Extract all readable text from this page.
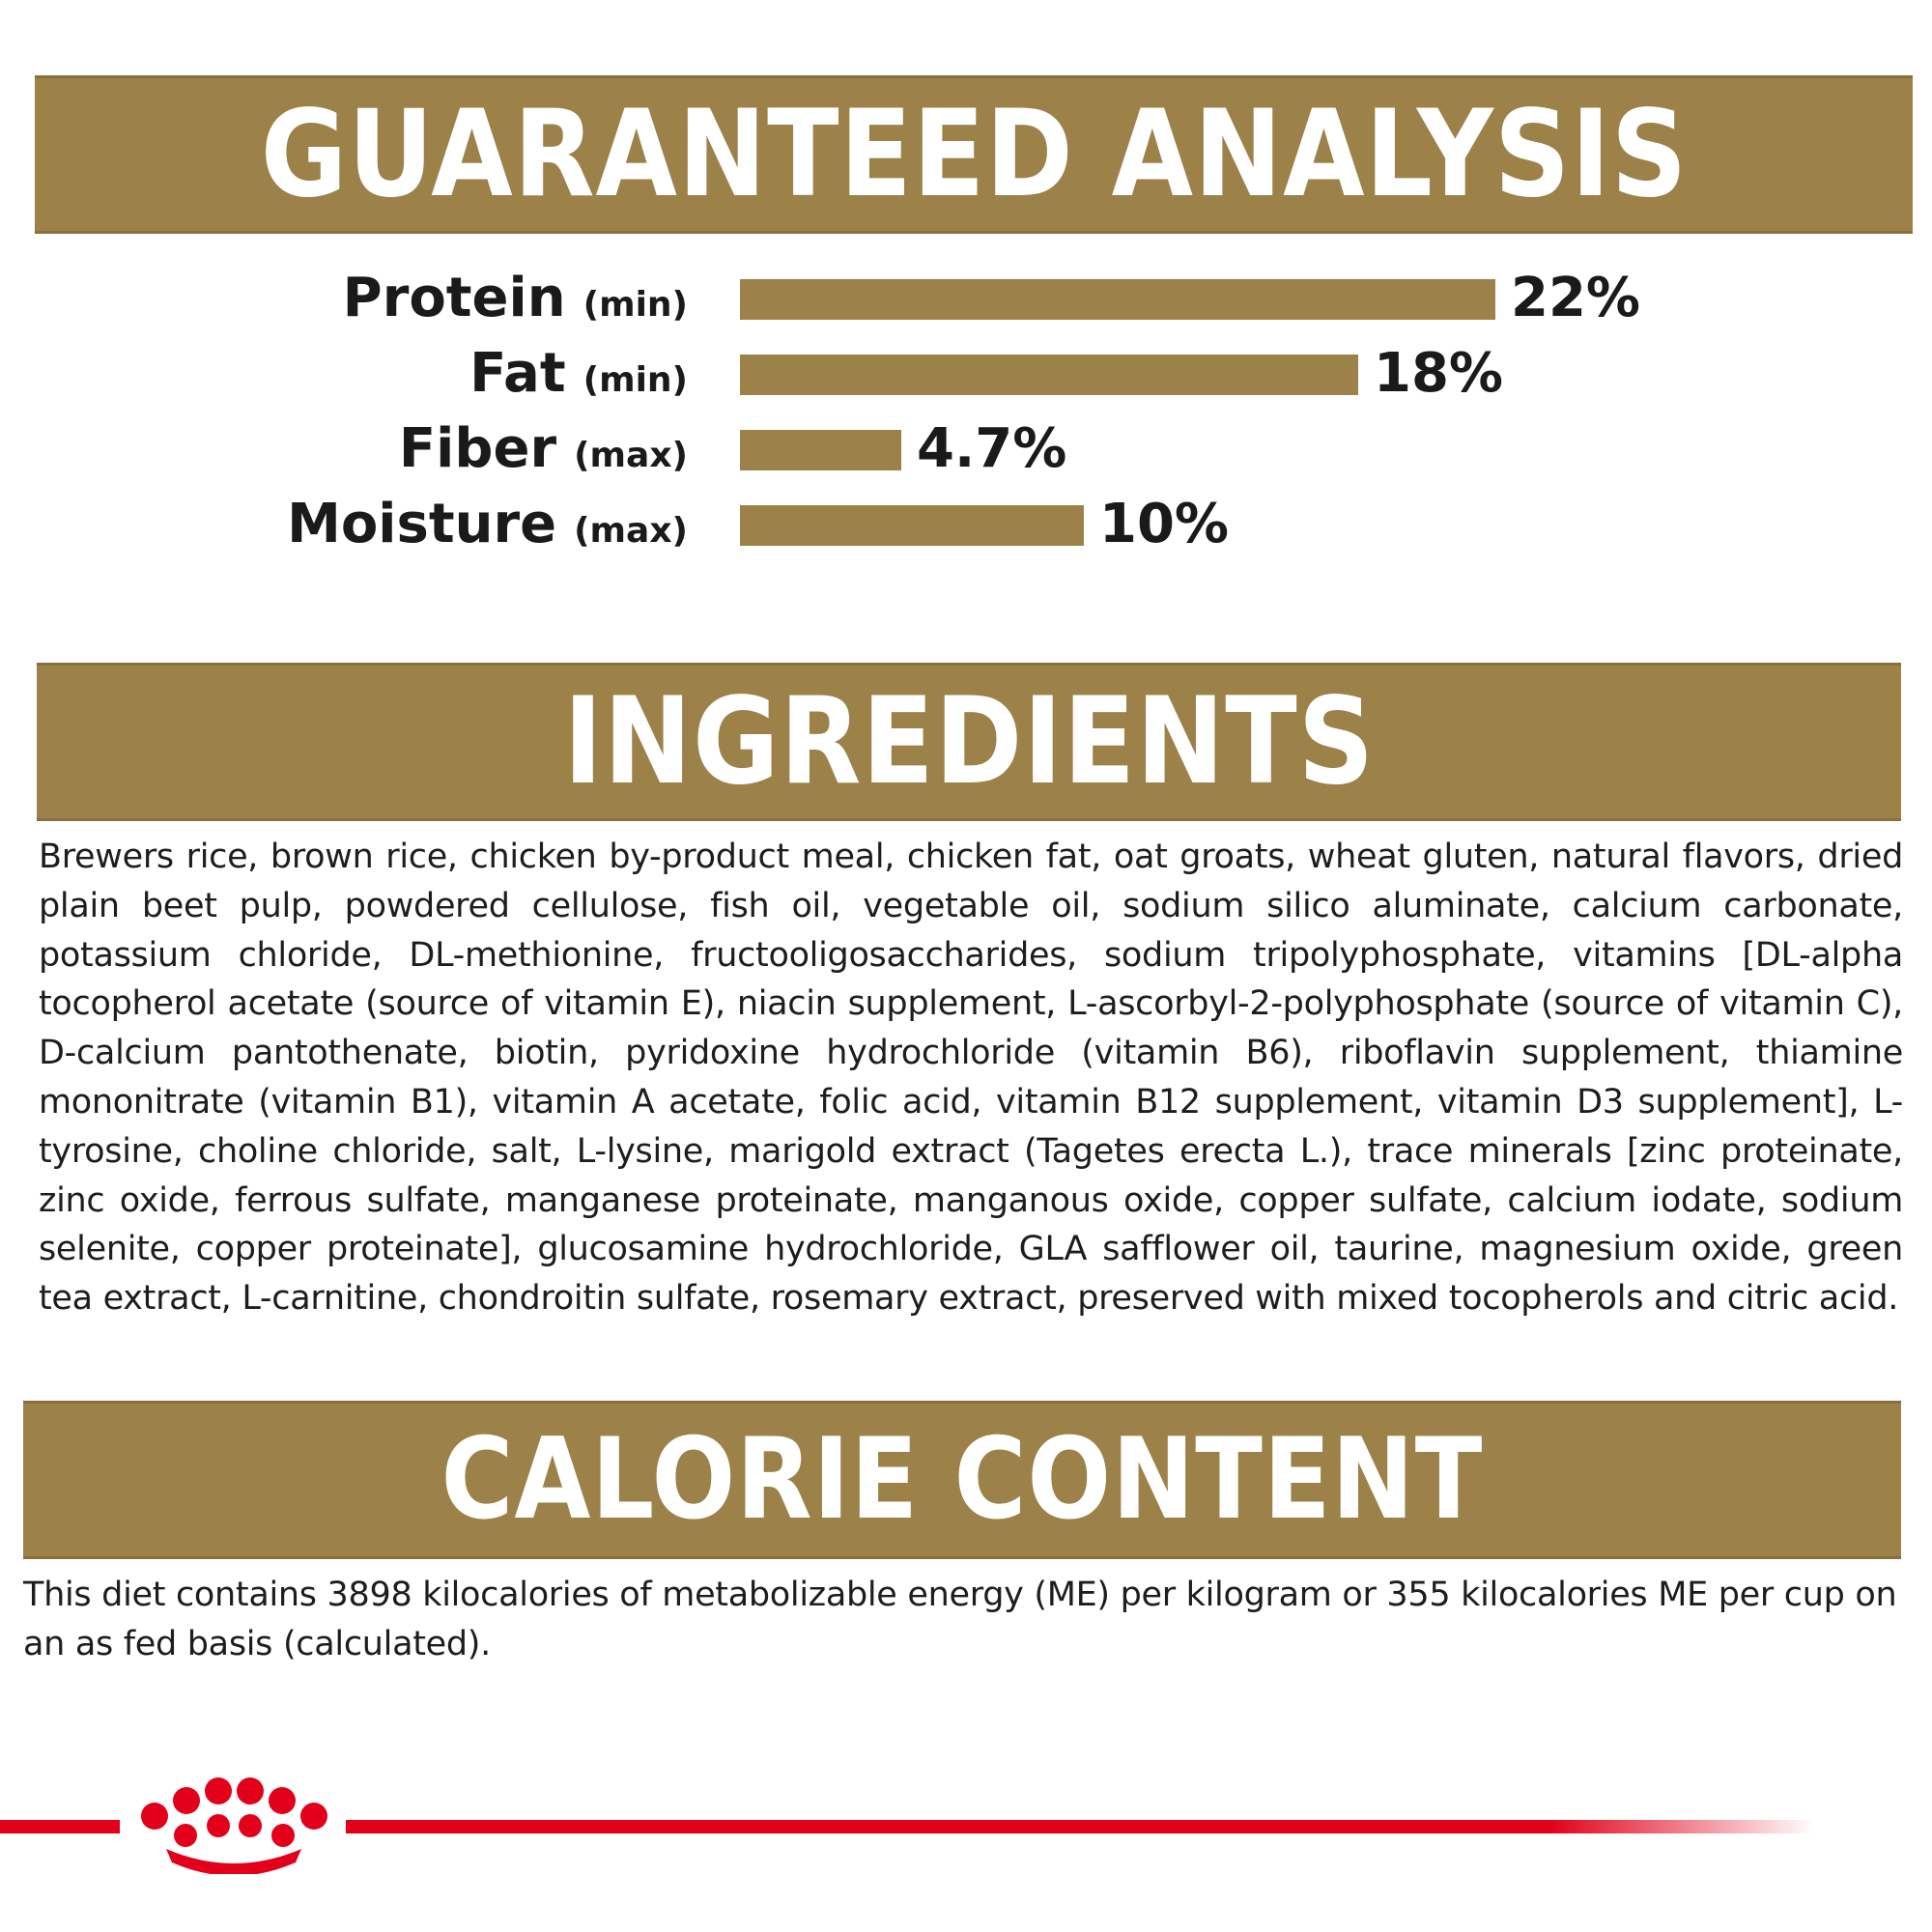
GUARANTEED ANALYSIS
Protein (min)	22%
Fat (min)	18%
Fiber (max)	4.7%
Moisture (max)	10%
INGREDIENTS
Brewers rice, brown rice, chicken by-product meal, chicken fat, oat groats, wheat gluten, natural flavors, dried plain beet pulp, powdered cellulose, fish oil, vegetable oil, sodium silico aluminate, calcium carbonate, potassium chloride, DL-methionine, fructooligosaccharides, sodium tripolyphosphate, vitamins [DL-alpha tocopherol acetate (source of vitamin E), niacin supplement, L-ascorbyl-2-polyphosphate (source of vitamin C), D-calcium pantothenate, biotin, pyridoxine hydrochloride (vitamin B6), riboflavin supplement, thiamine mononitrate (vitamin B1), vitamin A acetate, folic acid, vitamin B12 supplement, vitamin D3 supplement], L-tyrosine, choline chloride, salt, L-lysine, marigold extract (Tagetes erecta L.), trace minerals [zinc proteinate, zinc oxide, ferrous sulfate, manganese proteinate, manganous oxide, copper sulfate, calcium iodate, sodium selenite, copper proteinate], glucosamine hydrochloride, GLA safflower oil, taurine, magnesium oxide, green tea extract, L-carnitine, chondroitin sulfate, rosemary extract, preserved with mixed tocopherols and citric acid.
CALORIE CONTENT
This diet contains 3898 kilocalories of metabolizable energy (ME) per kilogram or 355 kilocalories ME per cup on an as fed basis (calculated).
